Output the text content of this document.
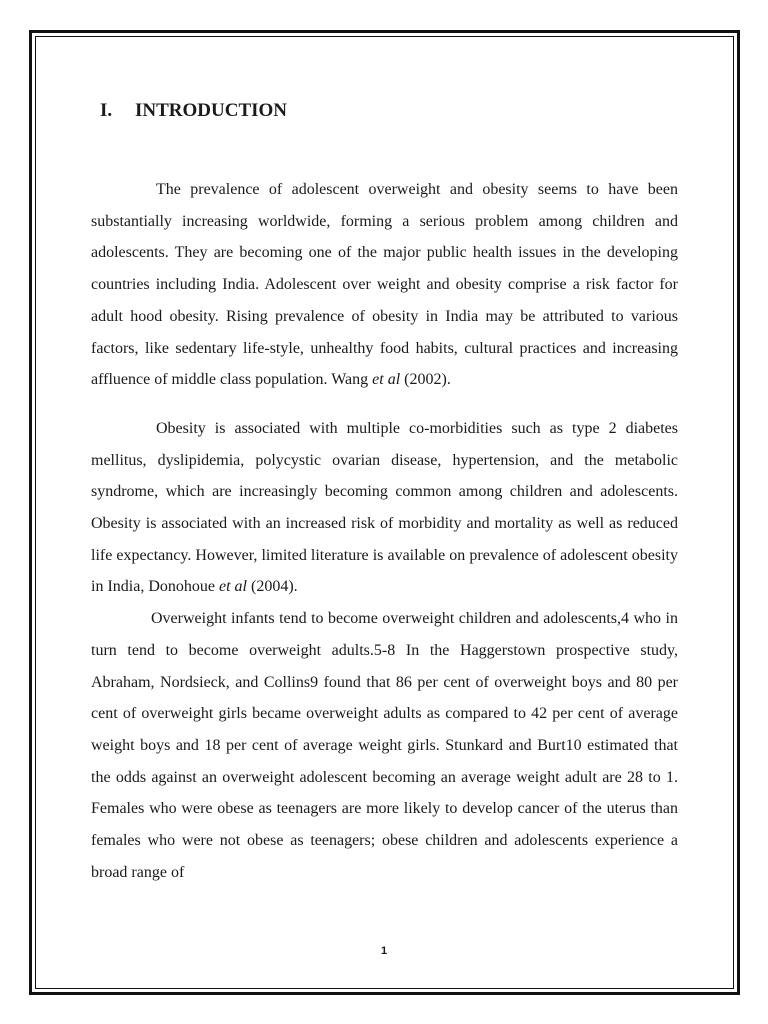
I.	INTRODUCTION

The prevalence of adolescent overweight and obesity seems to have been substantially increasing worldwide, forming a serious problem among children and adolescents. They are becoming one of the major public health issues in the developing countries including India. Adolescent over weight and obesity comprise a risk factor for adult hood obesity. Rising prevalence of obesity in India may be attributed to various factors, like sedentary life-style, unhealthy food habits, cultural practices and increasing affluence of middle class population. Wang et al (2002).

Obesity is associated with multiple co-morbidities such as type 2 diabetes mellitus, dyslipidemia, polycystic ovarian disease, hypertension, and the metabolic syndrome, which are increasingly becoming common among children and adolescents. Obesity is associated with an increased risk of morbidity and mortality as well as reduced life expectancy. However, limited literature is available on prevalence of adolescent obesity in India, Donohoue et al (2004).

Overweight infants tend to become overweight children and adolescents,4 who in turn tend to become overweight adults.5-8 In the Haggerstown prospective study, Abraham, Nordsieck, and Collins9 found that 86 per cent of overweight boys and 80 per cent of overweight girls became overweight adults as compared to 42 per cent of average weight boys and 18 per cent of average weight girls. Stunkard and Burt10 estimated that the odds against an overweight adolescent becoming an average weight adult are 28 to 1. Females who were obese as teenagers are more likely to develop cancer of the uterus than females who were not obese as teenagers; obese children and adolescents experience a broad range of

1
